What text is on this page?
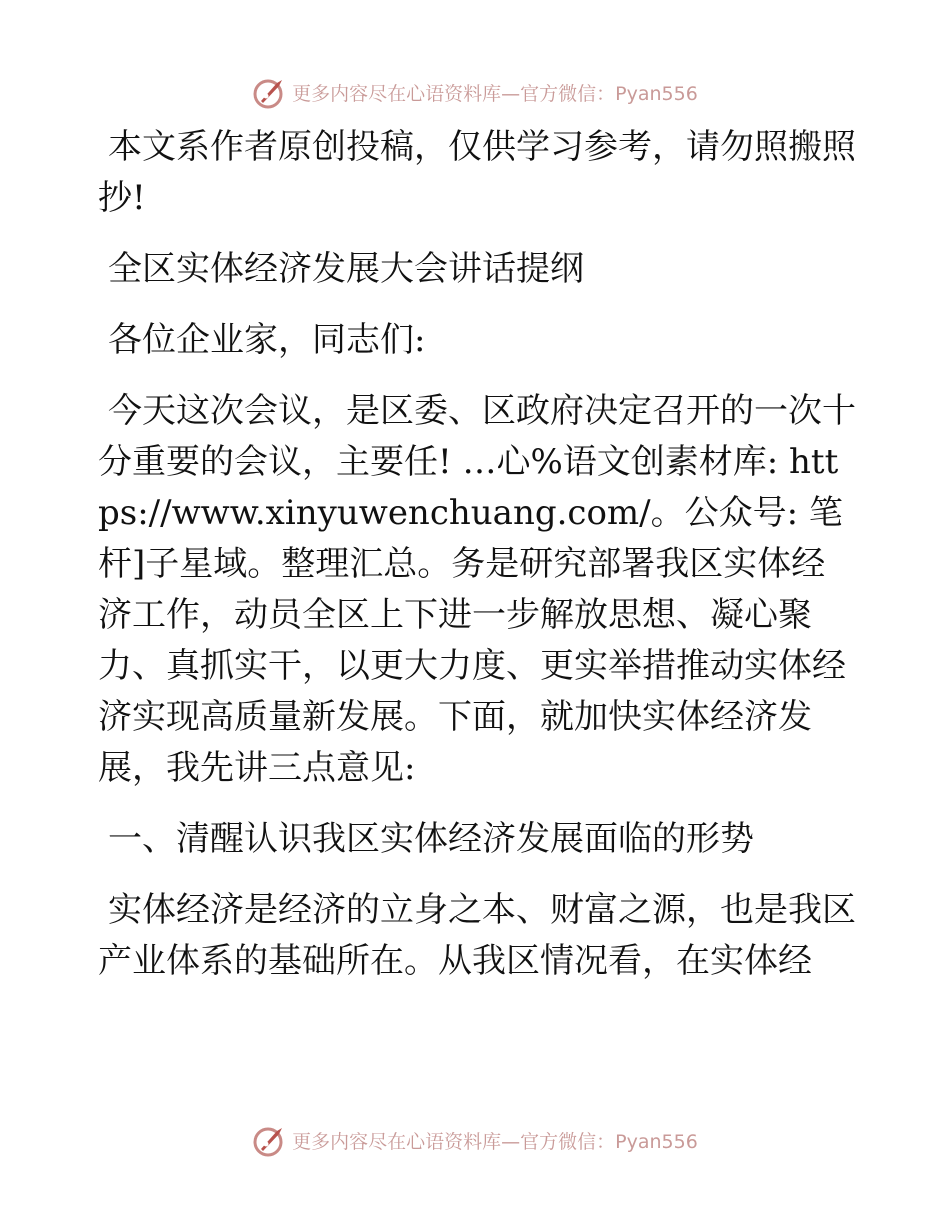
更多内容尽在心语资料库—官方微信：Pyan556

本文系作者原创投稿，仅供学习参考，请勿照搬照抄!

全区实体经济发展大会讲话提纲

各位企业家，同志们:

今天这次会议，是区委、区政府决定召开的一次十分重要的会议，主要任! …心%语文创素材库: https://www.xinyuwenchuang.com/。公众号: 笔杆]子星域。整理汇总。务是研究部署我区实体经济工作，动员全区上下进一步解放思想、凝心聚力、真抓实干，以更大力度、更实举措推动实体经济实现高质量新发展。下面，就加快实体经济发展，我先讲三点意见:

一、清醒认识我区实体经济发展面临的形势

实体经济是经济的立身之本、财富之源，也是我区产业体系的基础所在。从我区情况看，在实体经

更多内容尽在心语资料库—官方微信：Pyan556
